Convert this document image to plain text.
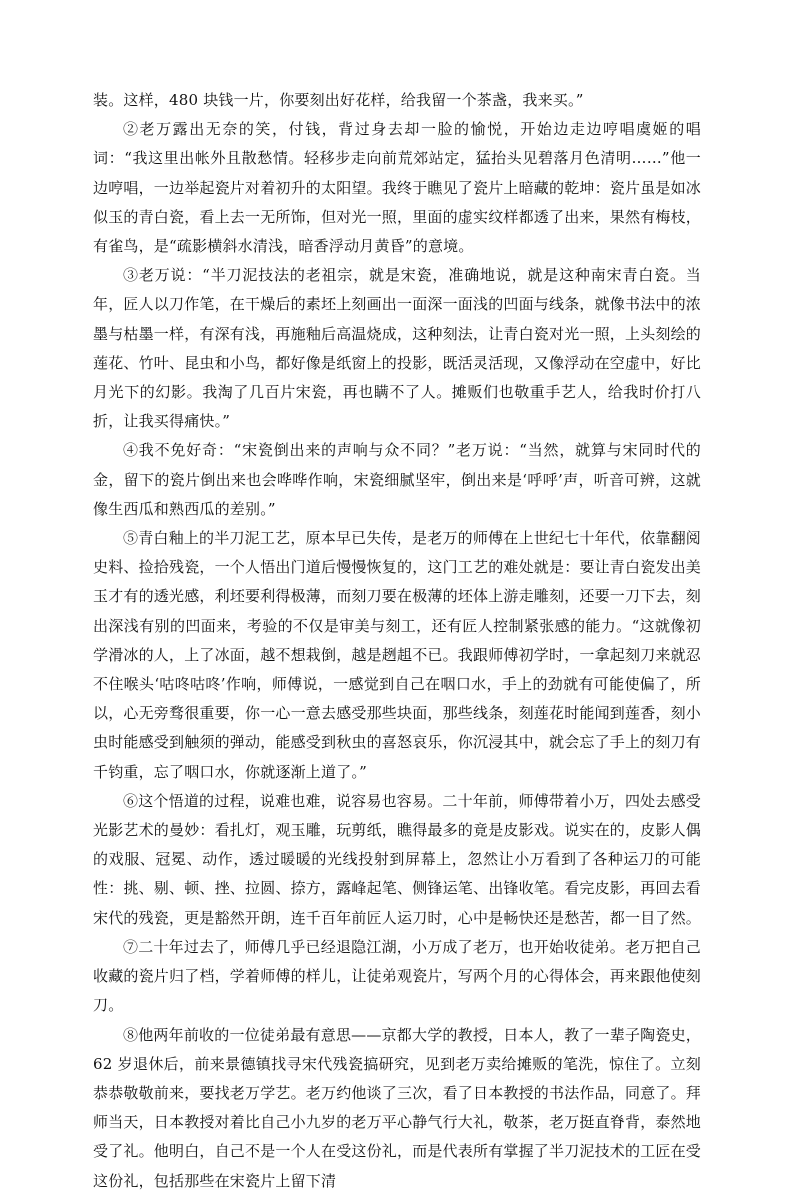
装。这样，480 块钱一片，你要刻出好花样，给我留一个茶盏，我来买。”

②老万露出无奈的笑，付钱，背过身去却一脸的愉悦，开始边走边哼唱虞姬的唱词：“我这里出帐外且散愁情。轻移步走向前荒郊站定，猛抬头见碧落月色清明……”他一边哼唱，一边举起瓷片对着初升的太阳望。我终于瞧见了瓷片上暗藏的乾坤：瓷片虽是如冰似玉的青白瓷，看上去一无所饰，但对光一照，里面的虚实纹样都透了出来，果然有梅枝，有雀鸟，是“疏影横斜水清浅，暗香浮动月黄昏”的意境。

③老万说：“半刀泥技法的老祖宗，就是宋瓷，准确地说，就是这种南宋青白瓷。当年，匠人以刀作笔，在干燥后的素坯上刻画出一面深一面浅的凹面与线条，就像书法中的浓墨与枯墨一样，有深有浅，再施釉后高温烧成，这种刻法，让青白瓷对光一照，上头刻绘的莲花、竹叶、昆虫和小鸟，都好像是纸窗上的投影，既活灵活现，又像浮动在空虚中，好比月光下的幻影。我淘了几百片宋瓷，再也瞒不了人。摊贩们也敬重手艺人，给我时价打八折，让我买得痛快。”

④我不免好奇：“宋瓷倒出来的声响与众不同？”老万说：“当然，就算与宋同时代的金，留下的瓷片倒出来也会哗哗作响，宋瓷细腻坚牢，倒出来是‘呼呼’声，听音可辨，这就像生西瓜和熟西瓜的差别。”

⑤青白釉上的半刀泥工艺，原本早已失传，是老万的师傅在上世纪七十年代，依靠翻阅史料、捡拾残瓷，一个人悟出门道后慢慢恢复的，这门工艺的难处就是：要让青白瓷发出美玉才有的透光感，利坯要利得极薄，而刻刀要在极薄的坯体上游走雕刻，还要一刀下去，刻出深浅有别的凹面来，考验的不仅是审美与刻工，还有匠人控制紧张感的能力。“这就像初学滑冰的人，上了冰面，越不想栽倒，越是趔趄不已。我跟师傅初学时，一拿起刻刀来就忍不住喉头‘咕咚咕咚’作响，师傅说，一感觉到自己在咽口水，手上的劲就有可能使偏了，所以，心无旁骛很重要，你一心一意去感受那些块面，那些线条，刻莲花时能闻到莲香，刻小虫时能感受到触须的弹动，能感受到秋虫的喜怒哀乐，你沉浸其中，就会忘了手上的刻刀有千钧重，忘了咽口水，你就逐渐上道了。”

⑥这个悟道的过程，说难也难，说容易也容易。二十年前，师傅带着小万，四处去感受光影艺术的曼妙：看扎灯，观玉雕，玩剪纸，瞧得最多的竟是皮影戏。说实在的，皮影人偶的戏服、冠冕、动作，透过暖暖的光线投射到屏幕上，忽然让小万看到了各种运刀的可能性：挑、剔、顿、挫、拉圆、捺方，露峰起笔、侧锋运笔、出锋收笔。看完皮影，再回去看宋代的残瓷，更是豁然开朗，连千百年前匠人运刀时，心中是畅快还是愁苦，都一目了然。

⑦二十年过去了，师傅几乎已经退隐江湖，小万成了老万，也开始收徒弟。老万把自己收藏的瓷片归了档，学着师傅的样儿，让徒弟观瓷片，写两个月的心得体会，再来跟他使刻刀。

⑧他两年前收的一位徒弟最有意思——京都大学的教授，日本人，教了一辈子陶瓷史，62 岁退休后，前来景德镇找寻宋代残瓷搞研究，见到老万卖给摊贩的笔洗，惊住了。立刻恭恭敬敬前来，要找老万学艺。老万约他谈了三次，看了日本教授的书法作品，同意了。拜师当天，日本教授对着比自己小九岁的老万平心静气行大礼，敬茶，老万挺直脊背，泰然地受了礼。他明白，自己不是一个人在受这份礼，而是代表所有掌握了半刀泥技术的工匠在受这份礼，包括那些在宋瓷片上留下清
